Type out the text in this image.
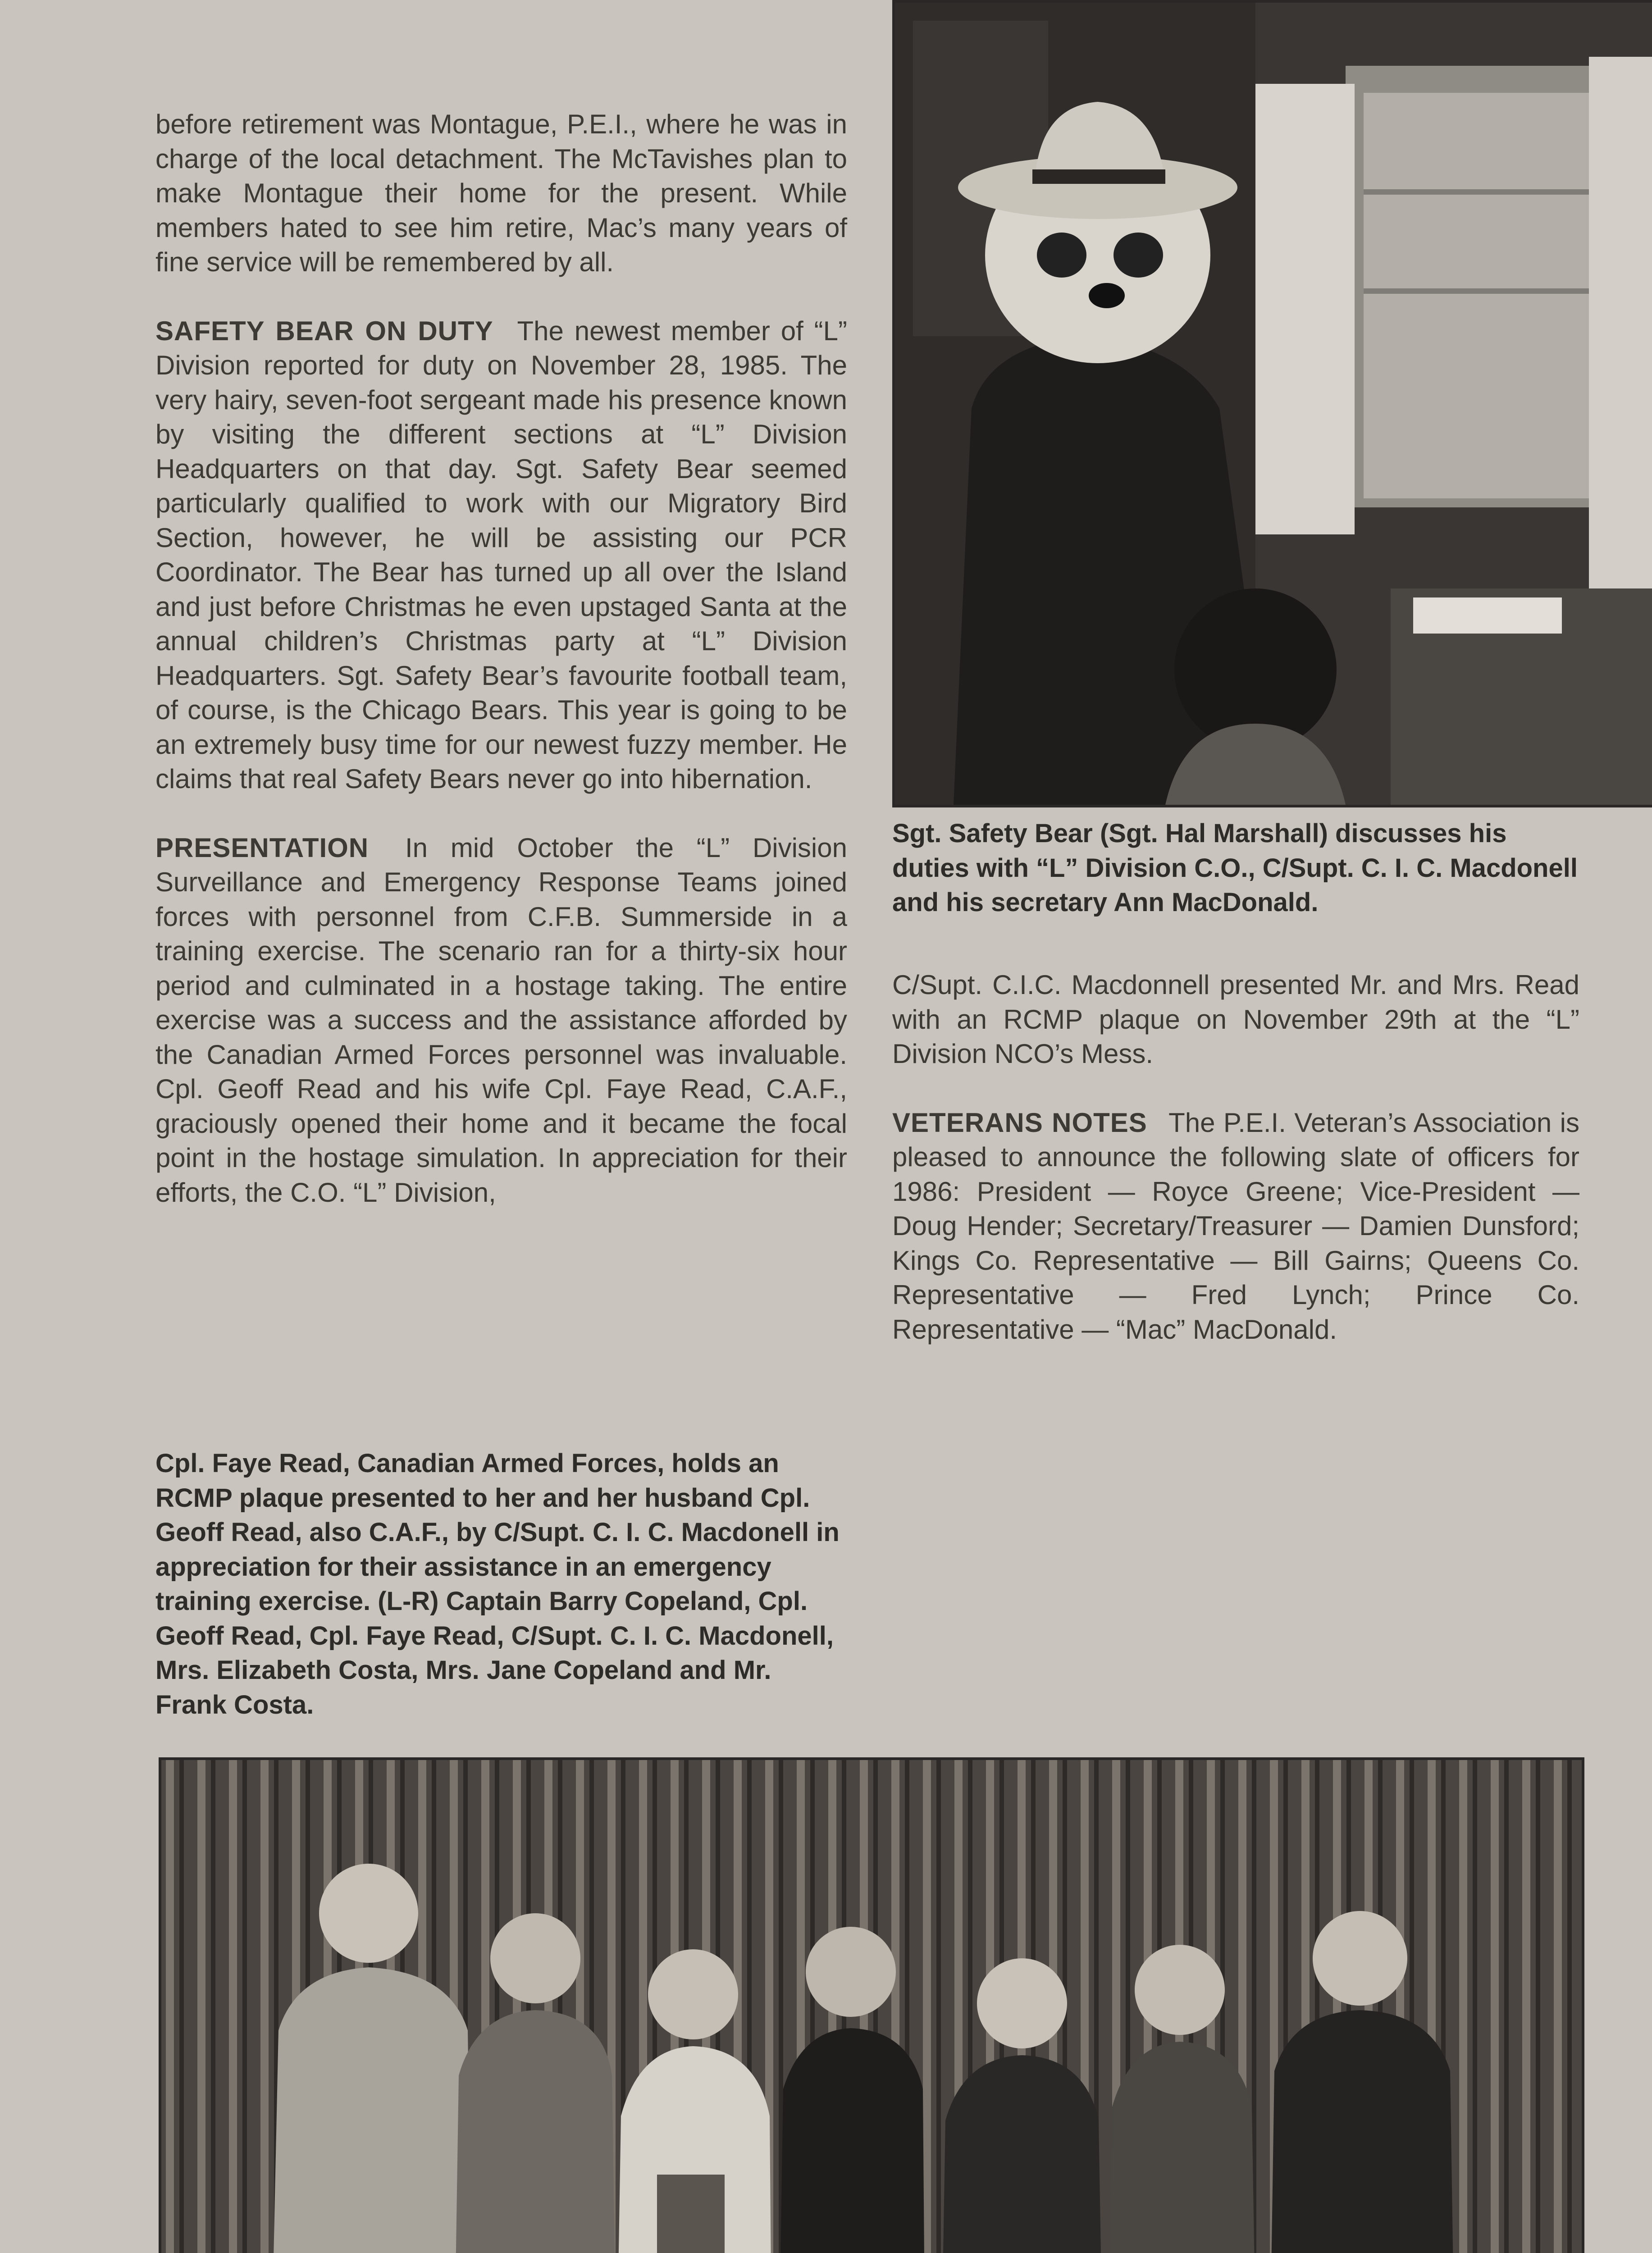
before retirement was Montague, P.E.I., where he was in charge of the local detachment. The McTavishes plan to make Montague their home for the present. While members hated to see him retire, Mac’s many years of fine service will be remembered by all.

SAFETY BEAR ON DUTY The newest member of “L” Division reported for duty on November 28, 1985. The very hairy, seven-foot sergeant made his presence known by visiting the different sections at “L” Division Headquarters on that day. Sgt. Safety Bear seemed particularly qualified to work with our Migratory Bird Section, however, he will be assisting our PCR Coordinator. The Bear has turned up all over the Island and just before Christmas he even upstaged Santa at the annual children’s Christmas party at “L” Division Headquarters. Sgt. Safety Bear’s favourite football team, of course, is the Chicago Bears. This year is going to be an extremely busy time for our newest fuzzy member. He claims that real Safety Bears never go into hibernation.

PRESENTATION In mid October the “L” Division Surveillance and Emergency Response Teams joined forces with personnel from C.F.B. Summerside in a training exercise. The scenario ran for a thirty-six hour period and culminated in a hostage taking. The entire exercise was a success and the assistance afforded by the Canadian Armed Forces personnel was invaluable. Cpl. Geoff Read and his wife Cpl. Faye Read, C.A.F., graciously opened their home and it became the focal point in the hostage simulation. In appreciation for their efforts, the C.O. “L” Division,

Sgt. Safety Bear (Sgt. Hal Marshall) discusses his duties with “L” Division C.O., C/Supt. C. I. C. Macdonell and his secretary Ann MacDonald.

C/Supt. C.I.C. Macdonnell presented Mr. and Mrs. Read with an RCMP plaque on November 29th at the “L” Division NCO’s Mess.

VETERANS NOTES The P.E.I. Veteran’s Association is pleased to announce the following slate of officers for 1986: President — Royce Greene; Vice-President — Doug Hender; Secretary/Treasurer — Damien Dunsford; Kings Co. Representative — Bill Gairns; Queens Co. Representative — Fred Lynch; Prince Co. Representative — “Mac” MacDonald.

Cpl. Faye Read, Canadian Armed Forces, holds an RCMP plaque presented to her and her husband Cpl. Geoff Read, also C.A.F., by C/Supt. C. I. C. Macdonell in appreciation for their assistance in an emergency training exercise. (L-R) Captain Barry Copeland, Cpl. Geoff Read, Cpl. Faye Read, C/Supt. C. I. C. Macdonell, Mrs. Elizabeth Costa, Mrs. Jane Copeland and Mr. Frank Costa.
